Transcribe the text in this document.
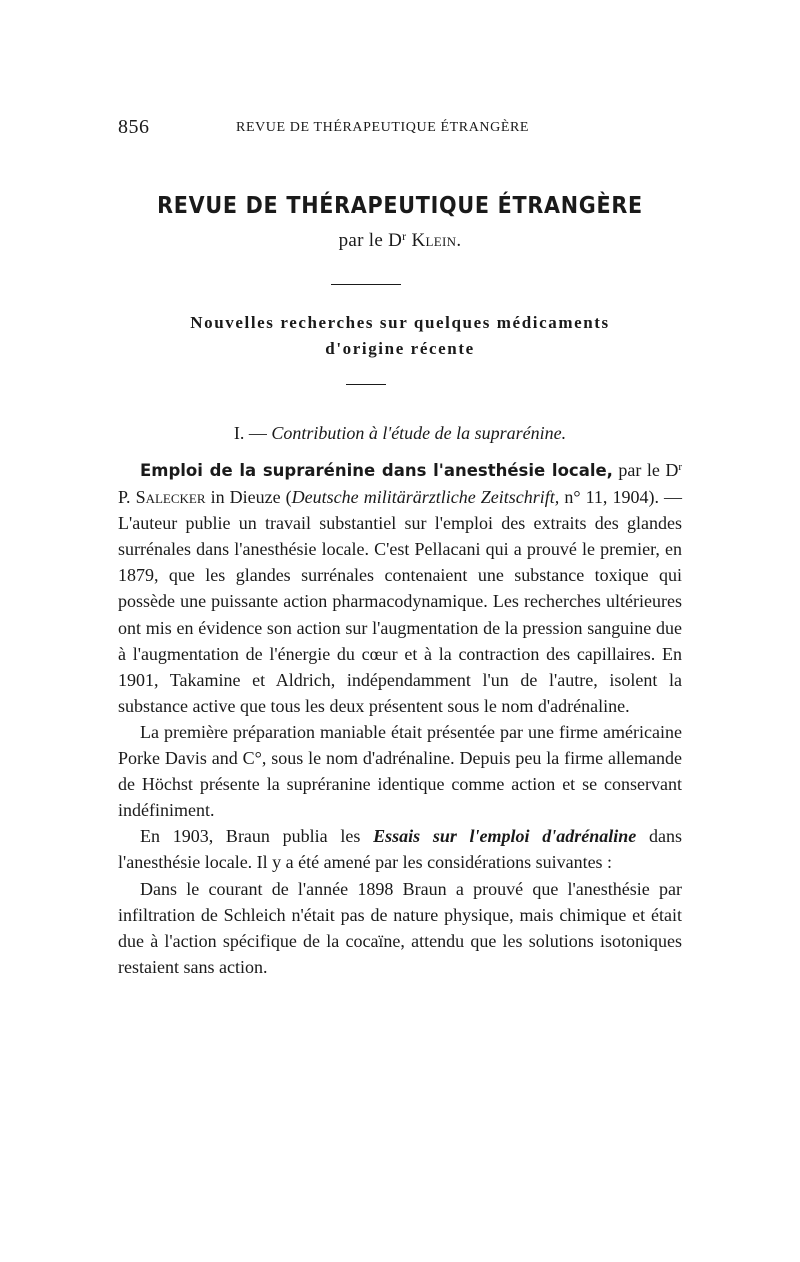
856	REVUE DE THÉRAPEUTIQUE ÉTRANGÈRE
REVUE DE THÉRAPEUTIQUE ÉTRANGÈRE
par le $D^r$ Klein.
Nouvelles recherches sur quelques médicaments
d'origine récente
I. — Contribution à l'étude de la suprarénine.

Emploi de la suprarénine dans l'anesthésie locale, par le $D^r$ P. Salecker in Dieuze (Deutsche militärärztliche Zeitschrift, n° 11, 1904). — L'auteur publie un travail substantiel sur l'emploi des extraits des glandes surrénales dans l'anesthésie locale. C'est Pellacani qui a prouvé le premier, en 1879, que les glandes surrénales contenaient une substance toxique qui possède une puissante action pharmacodynamique. Les recherches ultérieures ont mis en évidence son action sur l'augmentation de la pression sanguine due à l'augmentation de l'énergie du cœur et à la contraction des capillaires. En 1901, Takamine et Aldrich, indépendamment l'un de l'autre, isolent la substance active que tous les deux présentent sous le nom d'adrénaline.

La première préparation maniable était présentée par une firme américaine Porke Davis and C°, sous le nom d'adrénaline. Depuis peu la firme allemande de Höchst présente la supréranine identique comme action et se conservant indéfiniment.

En 1903, Braun publia les Essais sur l'emploi d'adrénaline dans l'anesthésie locale. Il y a été amené par les considérations suivantes :

Dans le courant de l'année 1898 Braun a prouvé que l'anesthésie par infiltration de Schleich n'était pas de nature physique, mais chimique et était due à l'action spécifique de la cocaïne, attendu que les solutions isotoniques restaient sans action.
